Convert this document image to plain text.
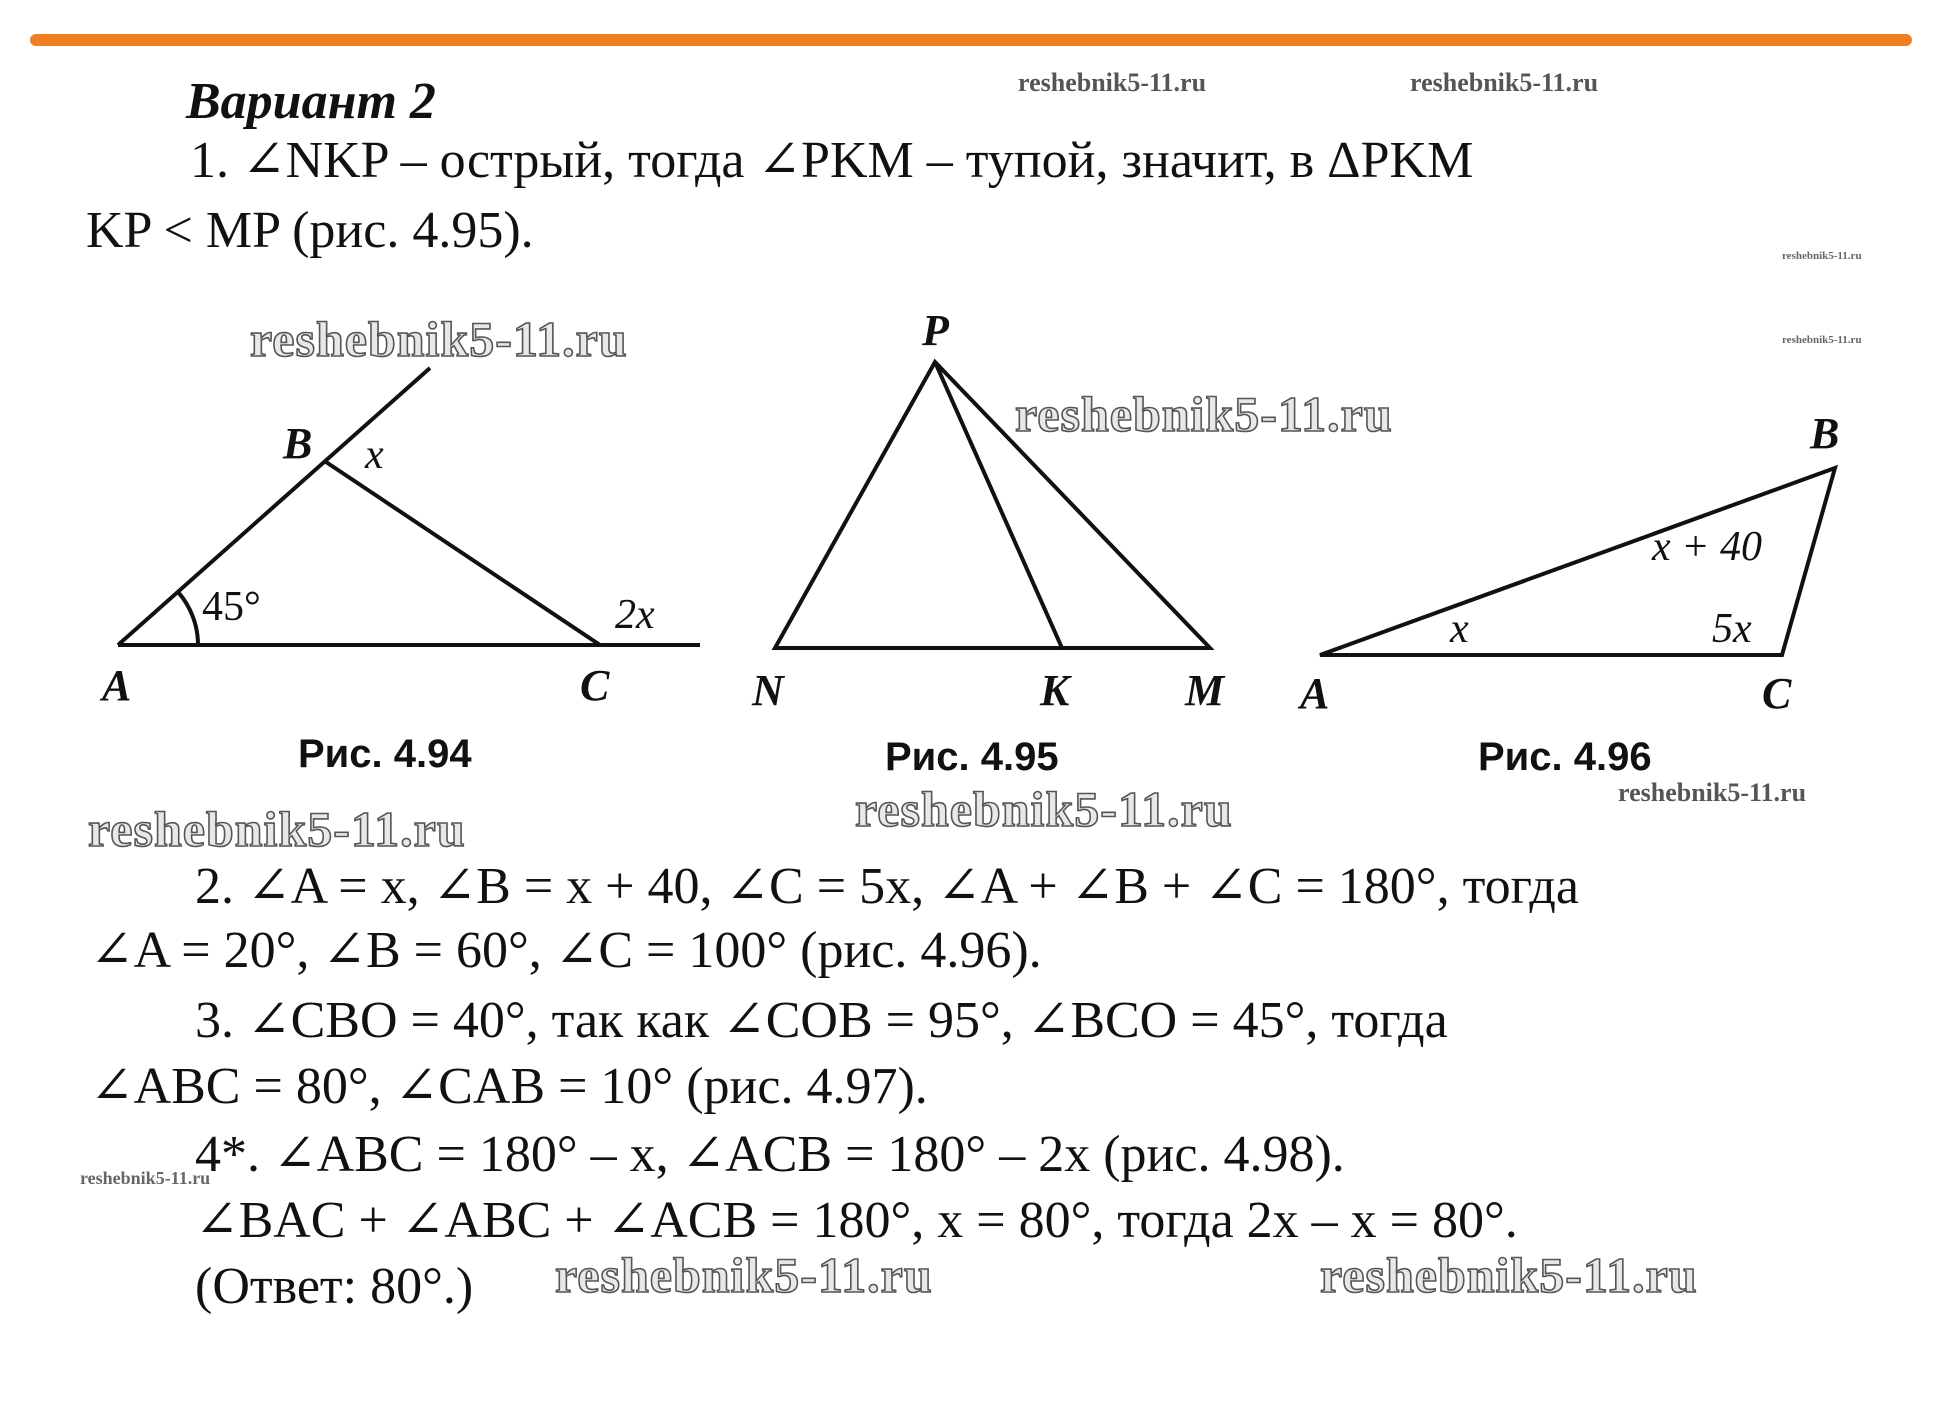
Вариант 2
1. ∠NKP – острый, тогда ∠PKM – тупой, значит, в ΔPKM
KP < MP (рис. 4.95).
A
B
C
45°
x
2x
P
N	K	M A
B
C
x
x + 40
5x
Рис. 4.94	Рис. 4.95	Рис. 4.96
2. ∠A = x, ∠B = x + 40, ∠C = 5x, ∠A + ∠B + ∠C = 180°, тогда
∠A = 20°, ∠B = 60°, ∠C = 100° (рис. 4.96).
3. ∠CBO = 40°, так как ∠COB = 95°, ∠BCO = 45°, тогда
∠ABC = 80°, ∠CAB = 10° (рис. 4.97).
4*. ∠ABC = 180° – x, ∠ACB = 180° – 2x (рис. 4.98).
∠BAC + ∠ABC + ∠ACB = 180°, x = 80°, тогда 2x – x = 80°.
(Ответ: 80°.)
reshebnik5-11.ru	reshebnik5-11.ru
reshebnik5-11.ru
reshebnik5-11.ru
reshebnik5-11.ru
reshebnik5-11.ru
reshebnik5-11.ru	reshebnik5-11.ru	reshebnik5-11.ru
reshebnik5-11.ru
reshebnik5-11.ru	reshebnik5-11.ru
